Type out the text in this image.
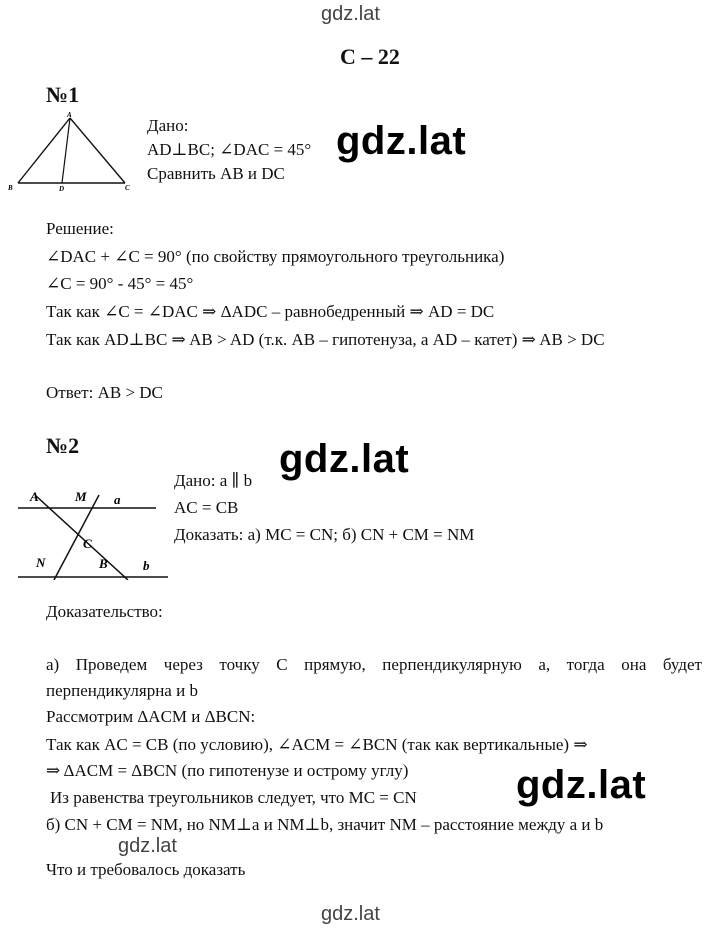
gdz.lat
gdz.lat
gdz.lat
gdz.lat
gdz.lat
gdz.lat
С – 22
№1
A
B	D	C
Дано:
AD⊥BC; ∠DAC = 45°
Сравнить AB и DC
Решение:
∠DAC + ∠C = 90° (по свойству прямоугольного треугольника)
∠C = 90° - 45° = 45°
Так как ∠C = ∠DAC ⇒ ΔADC – равнобедренный ⇒ AD = DC
Так как AD⊥BC ⇒ AB > AD (т.к. AB – гипотенуза, а AD – катет) ⇒ AB > DC
Ответ: AB > DC
№2
A	M a
C
N	B	b
Дано: a ∥ b
AC = CB
Доказать: а) MC = CN; б) CN + CM = NM
Доказательство:
а) Проведем через точку С прямую, перпендикулярную а, тогда она будет
перпендикулярна и b
Рассмотрим ΔACM и ΔBCN:
Так как AC = CB (по условию), ∠ACM = ∠BCN (так как вертикальные) ⇒
⇒ ΔACM = ΔBCN (по гипотенузе и острому углу)
Из равенства треугольников следует, что MC = CN
б) CN + CM = NM, но NM⊥a и NM⊥b, значит NM – расстояние между a и b
Что и требовалось доказать
